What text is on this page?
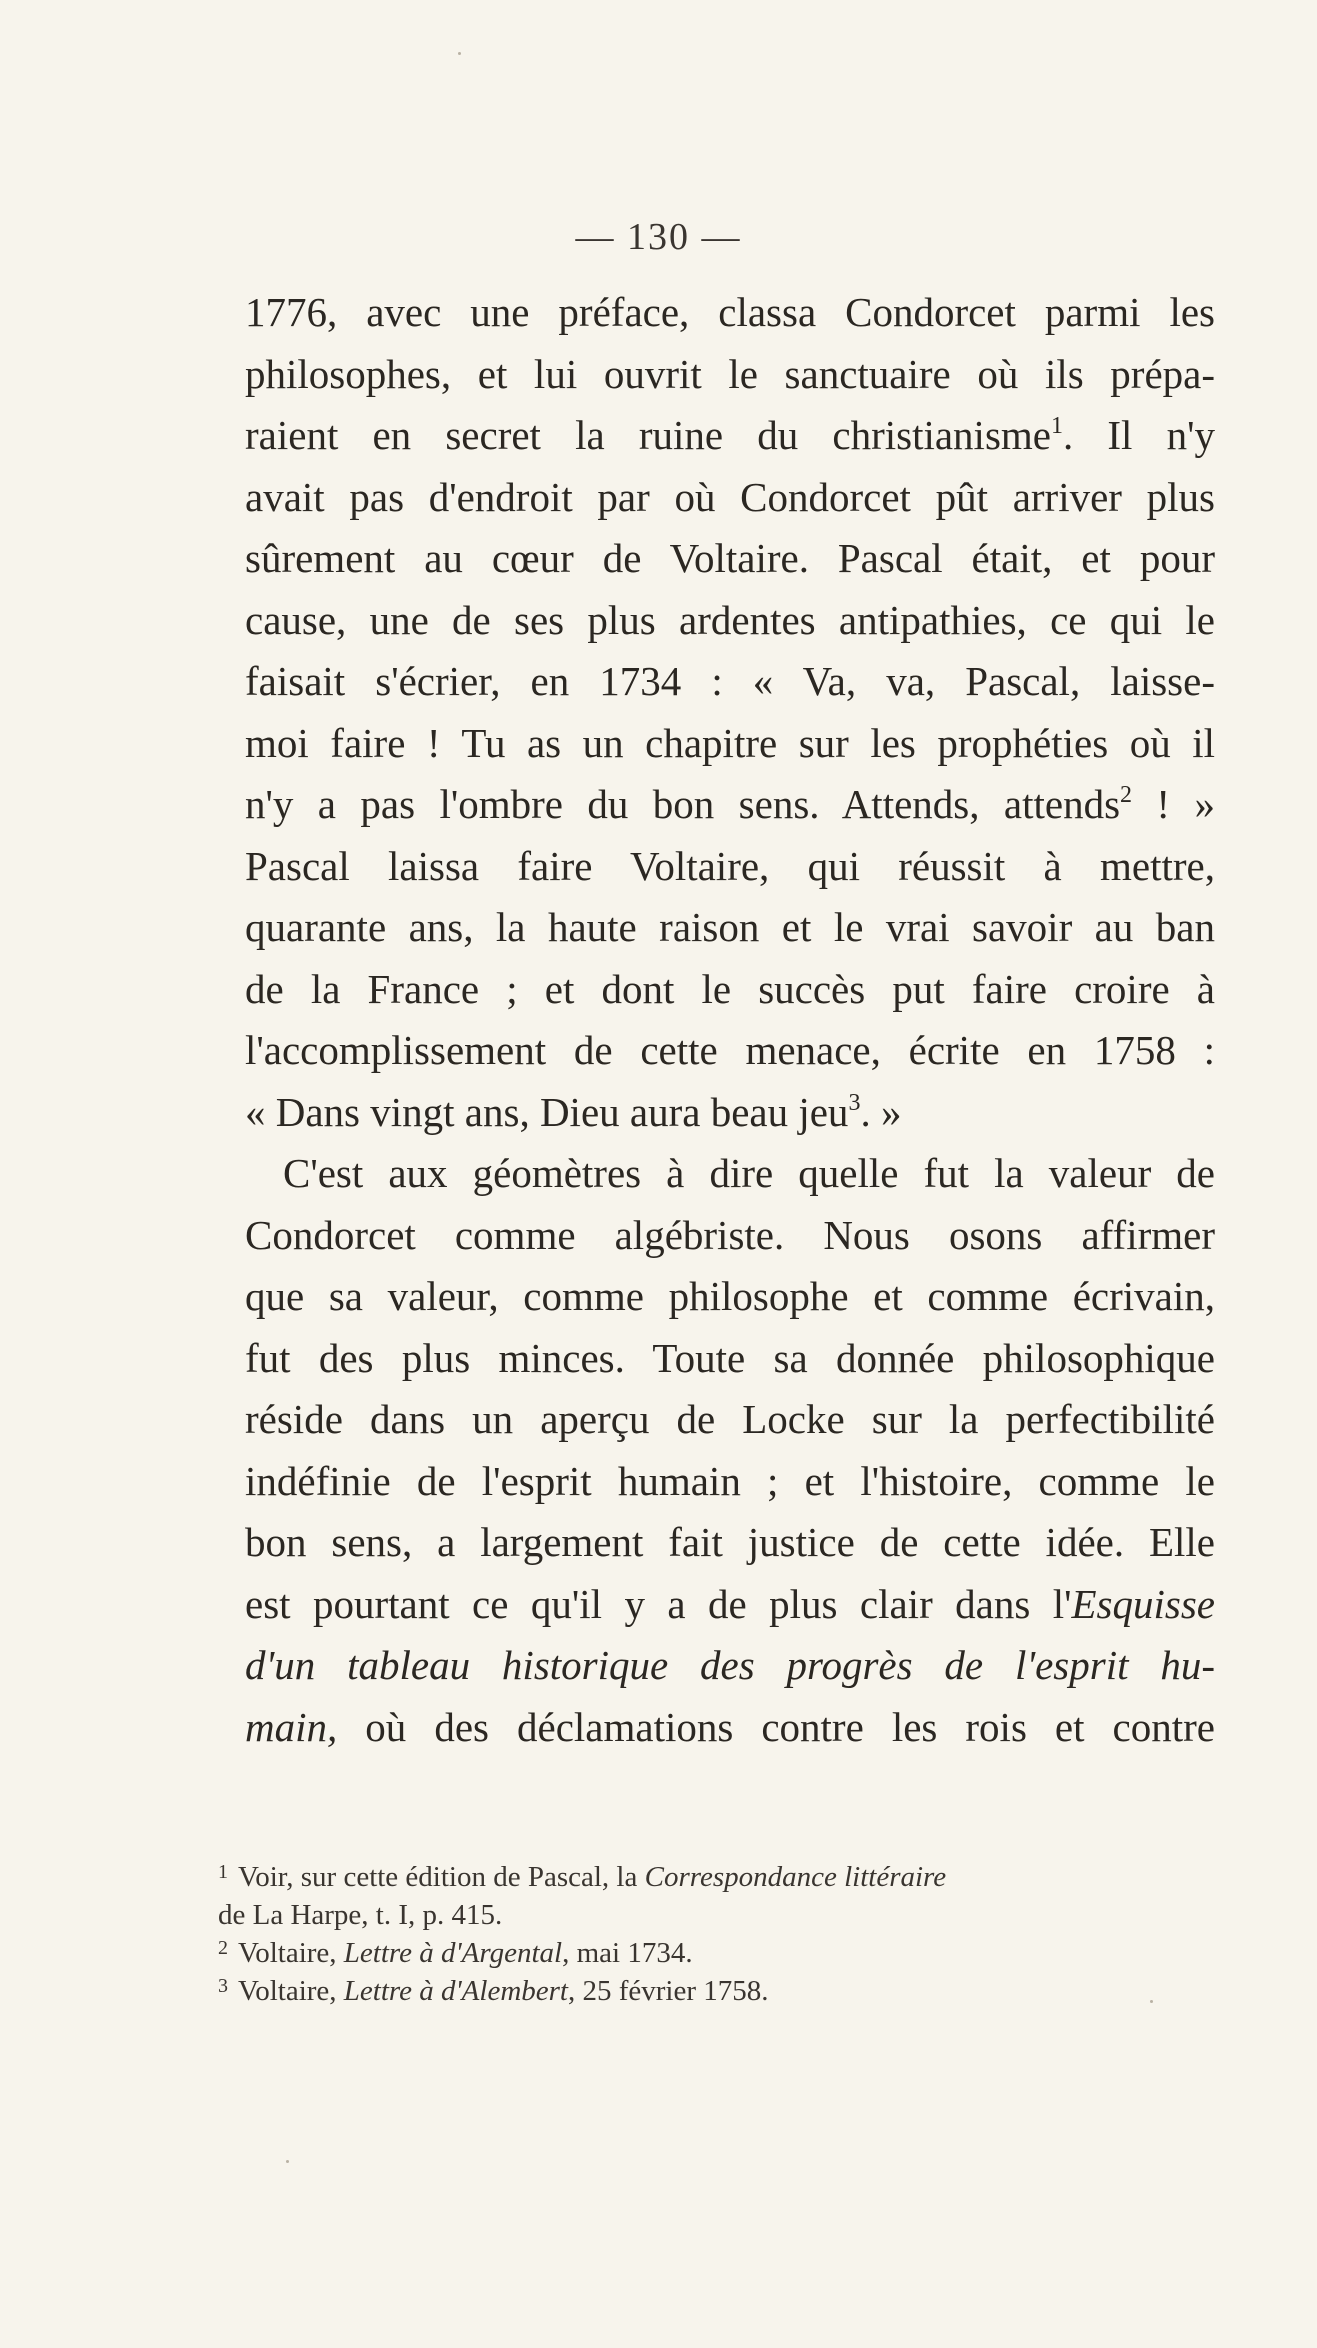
— 130 —
1776, avec une préface, classa Condorcet parmi les
philosophes, et lui ouvrit le sanctuaire où ils prépa-
raient en secret la ruine du christianisme$^1$. Il n'y
avait pas d'endroit par où Condorcet pût arriver plus
sûrement au cœur de Voltaire. Pascal était, et pour
cause, une de ses plus ardentes antipathies, ce qui le
faisait s'écrier, en 1734 : « Va, va, Pascal, laisse-
moi faire ! Tu as un chapitre sur les prophéties où il
n'y a pas l'ombre du bon sens. Attends, attends$^2$ ! »
Pascal laissa faire Voltaire, qui réussit à mettre,
quarante ans, la haute raison et le vrai savoir au ban
de la France ; et dont le succès put faire croire à
l'accomplissement de cette menace, écrite en 1758 :
« Dans vingt ans, Dieu aura beau jeu$^3$. »
C'est aux géomètres à dire quelle fut la valeur de
Condorcet comme algébriste. Nous osons affirmer
que sa valeur, comme philosophe et comme écrivain,
fut des plus minces. Toute sa donnée philosophique
réside dans un aperçu de Locke sur la perfectibilité
indéfinie de l'esprit humain ; et l'histoire, comme le
bon sens, a largement fait justice de cette idée. Elle
est pourtant ce qu'il y a de plus clair dans l'Esquisse
d'un tableau historique des progrès de l'esprit hu-
main, où des déclamations contre les rois et contre
$^1$ Voir, sur cette édition de Pascal, la Correspondance littéraire
de La Harpe, t. I, p. 415.
$^2$ Voltaire, Lettre à d'Argental, mai 1734.
$^3$ Voltaire, Lettre à d'Alembert, 25 février 1758.
